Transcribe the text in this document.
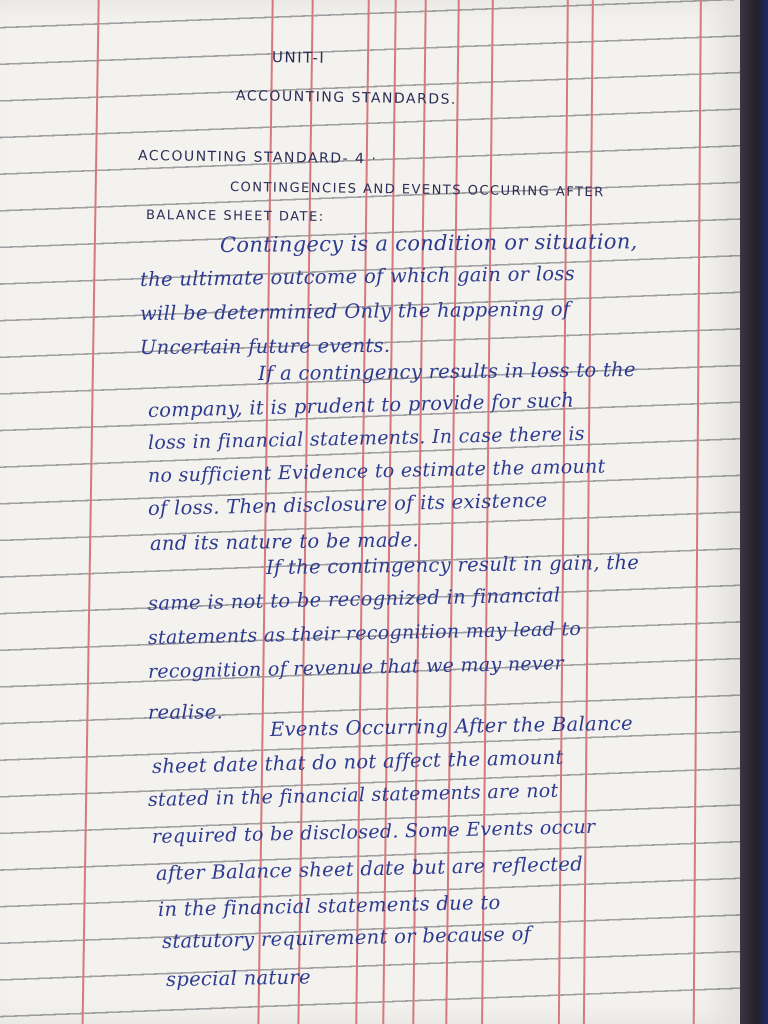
UNIT-I
ACCOUNTING STANDARDS.
ACCOUNTING STANDARD- 4 ·
CONTINGENCIES AND EVENTS OCCURING AFTER
BALANCE SHEET DATE:
Contingecy is a condition or situation,
the ultimate outcome of which gain or loss
will be determinied Only the happening of
Uncertain future events.
If a contingency results in loss to the
company, it is prudent to provide for such
loss in financial statements. In case there is
no sufficient Evidence to estimate the amount
of loss. Then disclosure of its existence
and its nature to be made.
If the contingency result in gain, the
same is not to be recognized in financial
statements as their recognition may lead to
recognition of revenue that we may never
realise. Events Occurring After the Balance
sheet date that do not affect the amount
stated in the financial statements are not
required to be disclosed. Some Events occur
after Balance sheet date but are reflected
in the financial statements due to
statutory requirement or because of
special nature
